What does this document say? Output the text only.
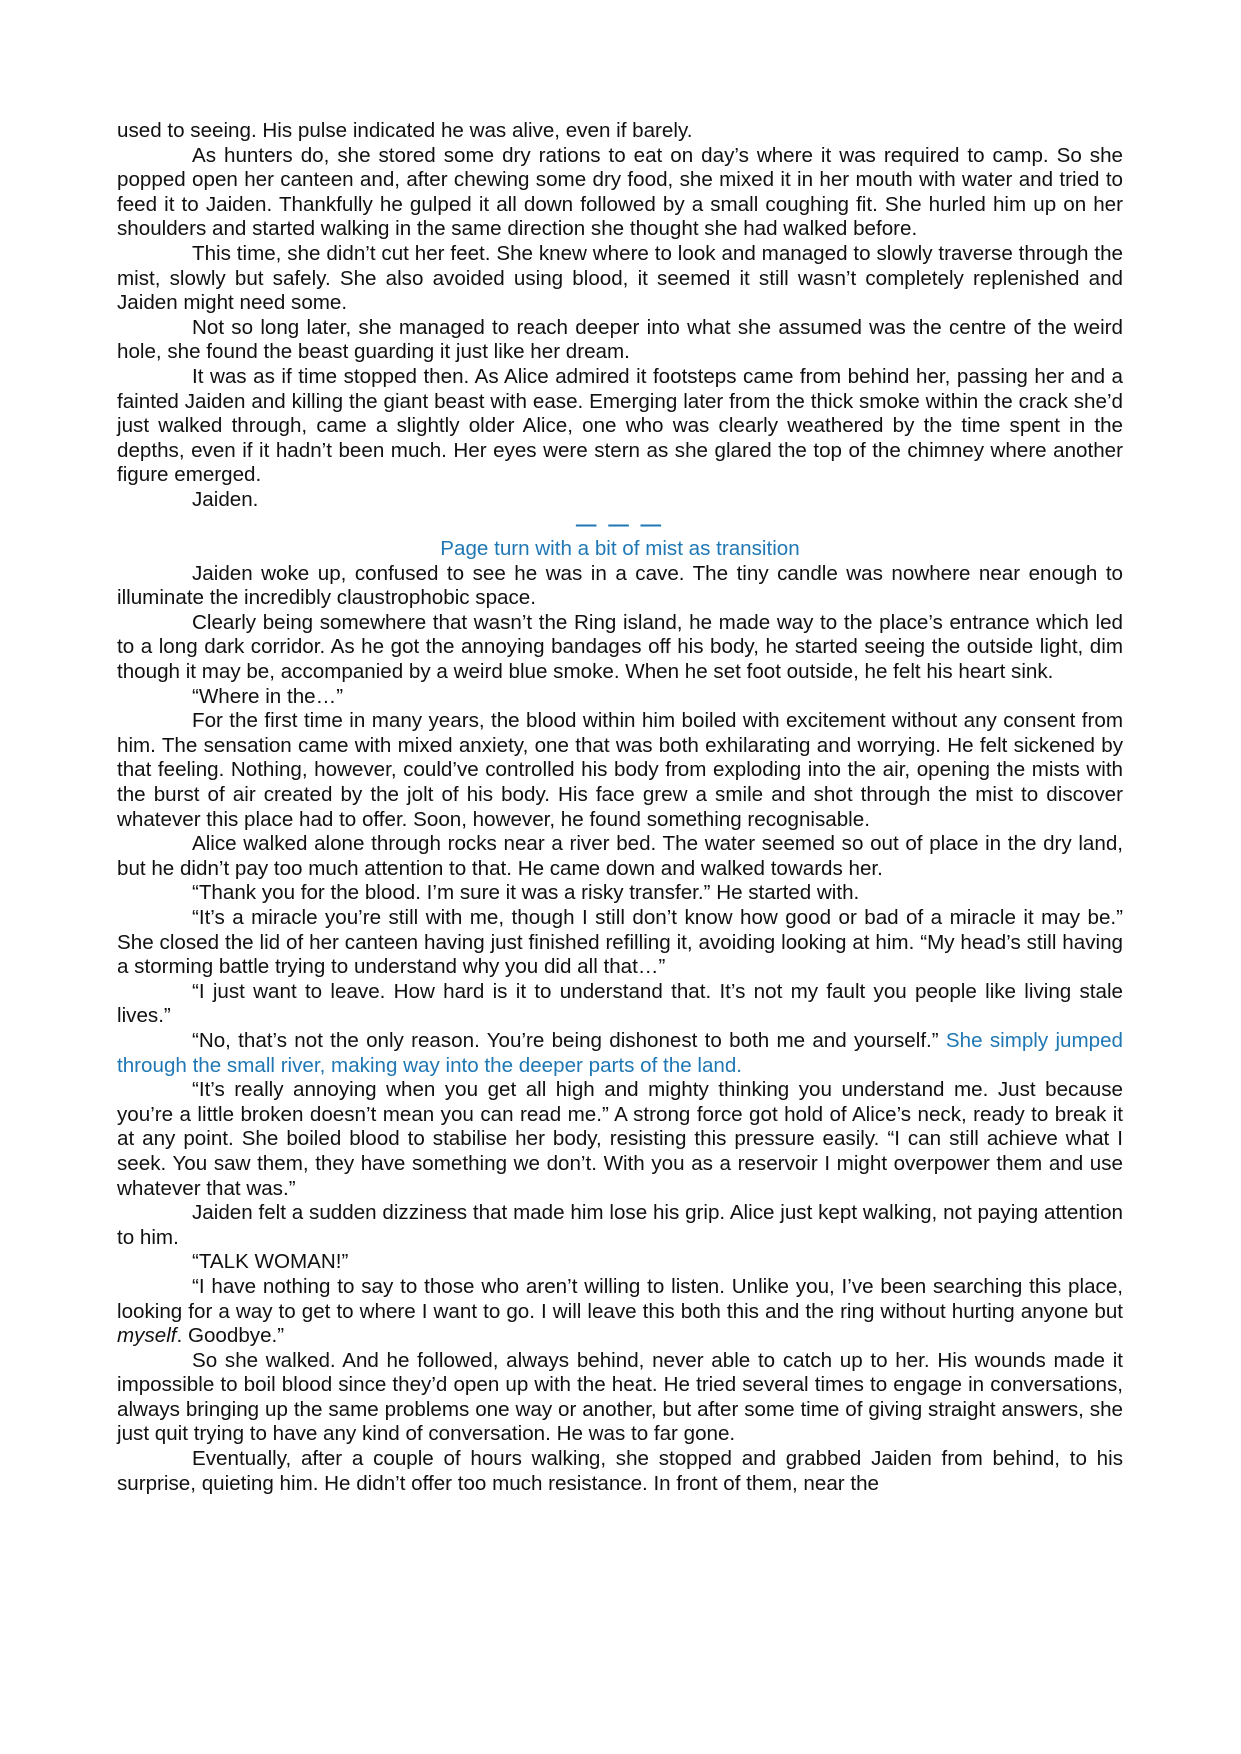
used to seeing. His pulse indicated he was alive, even if barely.

As hunters do, she stored some dry rations to eat on day’s where it was required to camp. So she popped open her canteen and, after chewing some dry food, she mixed it in her mouth with water and tried to feed it to Jaiden. Thankfully he gulped it all down followed by a small coughing fit. She hurled him up on her shoulders and started walking in the same direction she thought she had walked before.

This time, she didn’t cut her feet. She knew where to look and managed to slowly traverse through the mist, slowly but safely. She also avoided using blood, it seemed it still wasn’t completely replenished and Jaiden might need some.

Not so long later, she managed to reach deeper into what she assumed was the centre of the weird hole, she found the beast guarding it just like her dream.

It was as if time stopped then. As Alice admired it footsteps came from behind her, passing her and a fainted Jaiden and killing the giant beast with ease. Emerging later from the thick smoke within the crack she’d just walked through, came a slightly older Alice, one who was clearly weathered by the time spent in the depths, even if it hadn’t been much. Her eyes were stern as she glared the top of the chimney where another figure emerged.

Jaiden.

— — —

Page turn with a bit of mist as transition

Jaiden woke up, confused to see he was in a cave. The tiny candle was nowhere near enough to illuminate the incredibly claustrophobic space.

Clearly being somewhere that wasn’t the Ring island, he made way to the place’s entrance which led to a long dark corridor. As he got the annoying bandages off his body, he started seeing the outside light, dim though it may be, accompanied by a weird blue smoke. When he set foot outside, he felt his heart sink.

“Where in the…”

For the first time in many years, the blood within him boiled with excitement without any consent from him. The sensation came with mixed anxiety, one that was both exhilarating and worrying. He felt sickened by that feeling. Nothing, however, could’ve controlled his body from exploding into the air, opening the mists with the burst of air created by the jolt of his body. His face grew a smile and shot through the mist to discover whatever this place had to offer. Soon, however, he found something recognisable.

Alice walked alone through rocks near a river bed. The water seemed so out of place in the dry land, but he didn’t pay too much attention to that. He came down and walked towards her.

“Thank you for the blood. I’m sure it was a risky transfer.” He started with.

“It’s a miracle you’re still with me, though I still don’t know how good or bad of a miracle it may be.” She closed the lid of her canteen having just finished refilling it, avoiding looking at him. “My head’s still having a storming battle trying to understand why you did all that…”

“I just want to leave. How hard is it to understand that. It’s not my fault you people like living stale lives.”

“No, that’s not the only reason. You’re being dishonest to both me and yourself.” She simply jumped through the small river, making way into the deeper parts of the land.

“It’s really annoying when you get all high and mighty thinking you understand me. Just because you’re a little broken doesn’t mean you can read me.” A strong force got hold of Alice’s neck, ready to break it at any point. She boiled blood to stabilise her body, resisting this pressure easily. “I can still achieve what I seek. You saw them, they have something we don’t. With you as a reservoir I might overpower them and use whatever that was.”

Jaiden felt a sudden dizziness that made him lose his grip. Alice just kept walking, not paying attention to him.

“TALK WOMAN!”

“I have nothing to say to those who aren’t willing to listen. Unlike you, I’ve been searching this place, looking for a way to get to where I want to go. I will leave this both this and the ring without hurting anyone but myself. Goodbye.”

So she walked. And he followed, always behind, never able to catch up to her. His wounds made it impossible to boil blood since they’d open up with the heat. He tried several times to engage in conversations, always bringing up the same problems one way or another, but after some time of giving straight answers, she just quit trying to have any kind of conversation. He was to far gone.

Eventually, after a couple of hours walking, she stopped and grabbed Jaiden from behind, to his surprise, quieting him. He didn’t offer too much resistance. In front of them, near the
